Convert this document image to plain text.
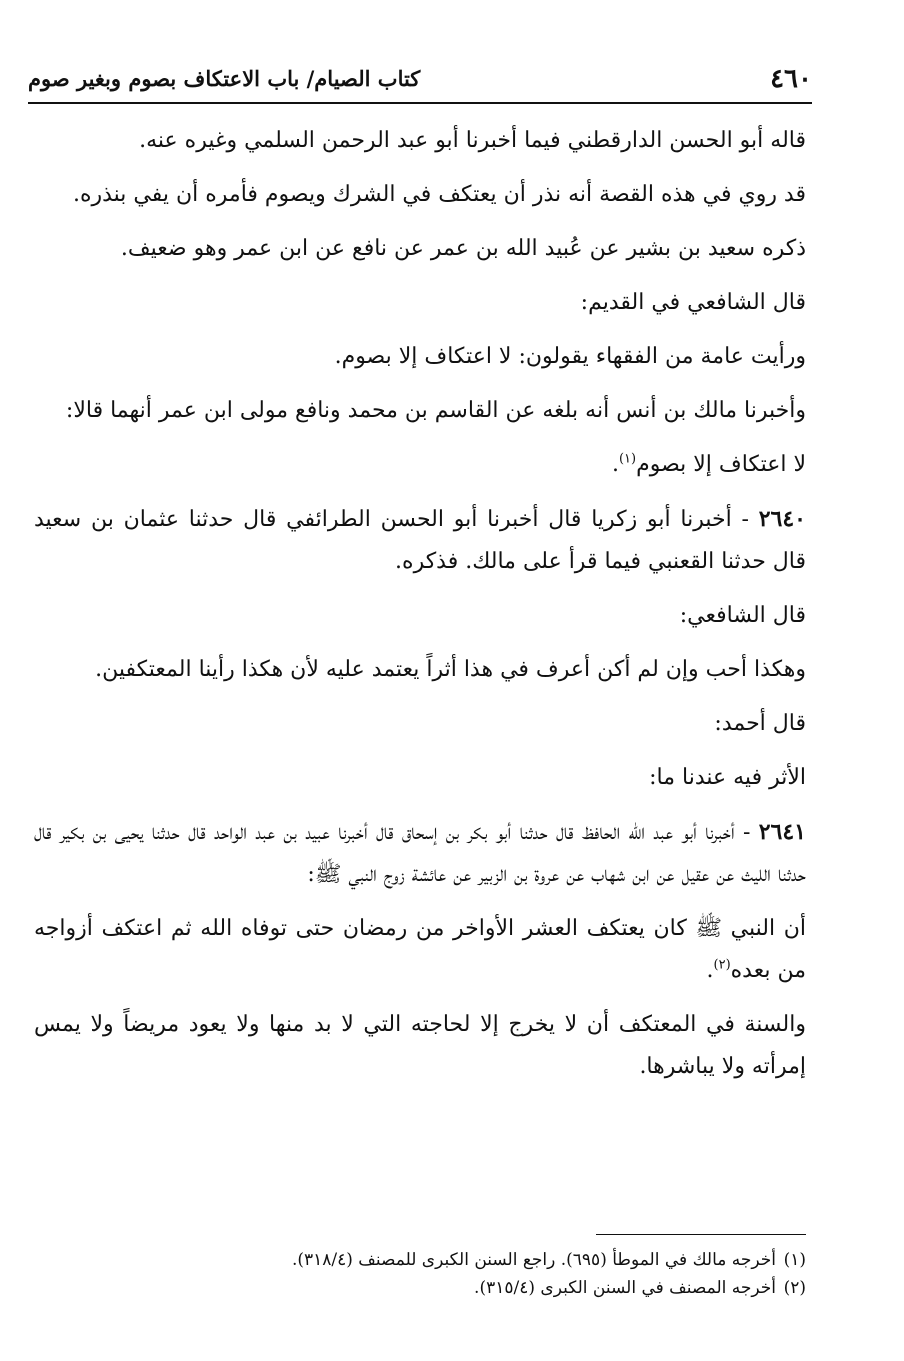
٤٦٠
كتاب الصيام/ باب الاعتكاف بصوم وبغير صوم

قاله أبو الحسن الدارقطني فيما أخبرنا أبو عبد الرحمن السلمي وغيره عنه.

قد روي في هذه القصة أنه نذر أن يعتكف في الشرك ويصوم فأمره أن يفي بنذره.

ذكره سعيد بن بشير عن عُبيد الله بن عمر عن نافع عن ابن عمر وهو ضعيف.

قال الشافعي في القديم:

ورأيت عامة من الفقهاء يقولون: لا اعتكاف إلا بصوم.

وأخبرنا مالك بن أنس أنه بلغه عن القاسم بن محمد ونافع مولى ابن عمر أنهما قالا:

لا اعتكاف إلا بصوم$^{(١)}$.

٢٦٤٠ - أخبرنا أبو زكريا قال أخبرنا أبو الحسن الطرائفي قال حدثنا عثمان بن سعيد قال حدثنا القعنبي فيما قرأ على مالك. فذكره.

قال الشافعي:

وهكذا أحب وإن لم أكن أعرف في هذا أثراً يعتمد عليه لأن هكذا رأينا المعتكفين.

قال أحمد:

الأثر فيه عندنا ما:

٢٦٤١ - أخبرنا أبو عبد الله الحافظ قال حدثنا أبو بكر بن إسحاق قال أخبرنا عبيد بن عبد الواحد قال حدثنا يحيى بن بكير قال حدثنا الليث عن عقيل عن ابن شهاب عن عروة بن الزبير عن عائشة زوج النبي ﷺ:

أن النبي ﷺ كان يعتكف العشر الأواخر من رمضان حتى توفاه الله ثم اعتكف أزواجه من بعده$^{(٢)}$.

والسنة في المعتكف أن لا يخرج إلا لحاجته التي لا بد منها ولا يعود مريضاً ولا يمس إمرأته ولا يباشرها.

(١)أخرجه مالك في الموطأ (٦٩٥). راجع السنن الكبرى للمصنف (٣١٨/٤).

(٢)أخرجه المصنف في السنن الكبرى (٣١٥/٤).
